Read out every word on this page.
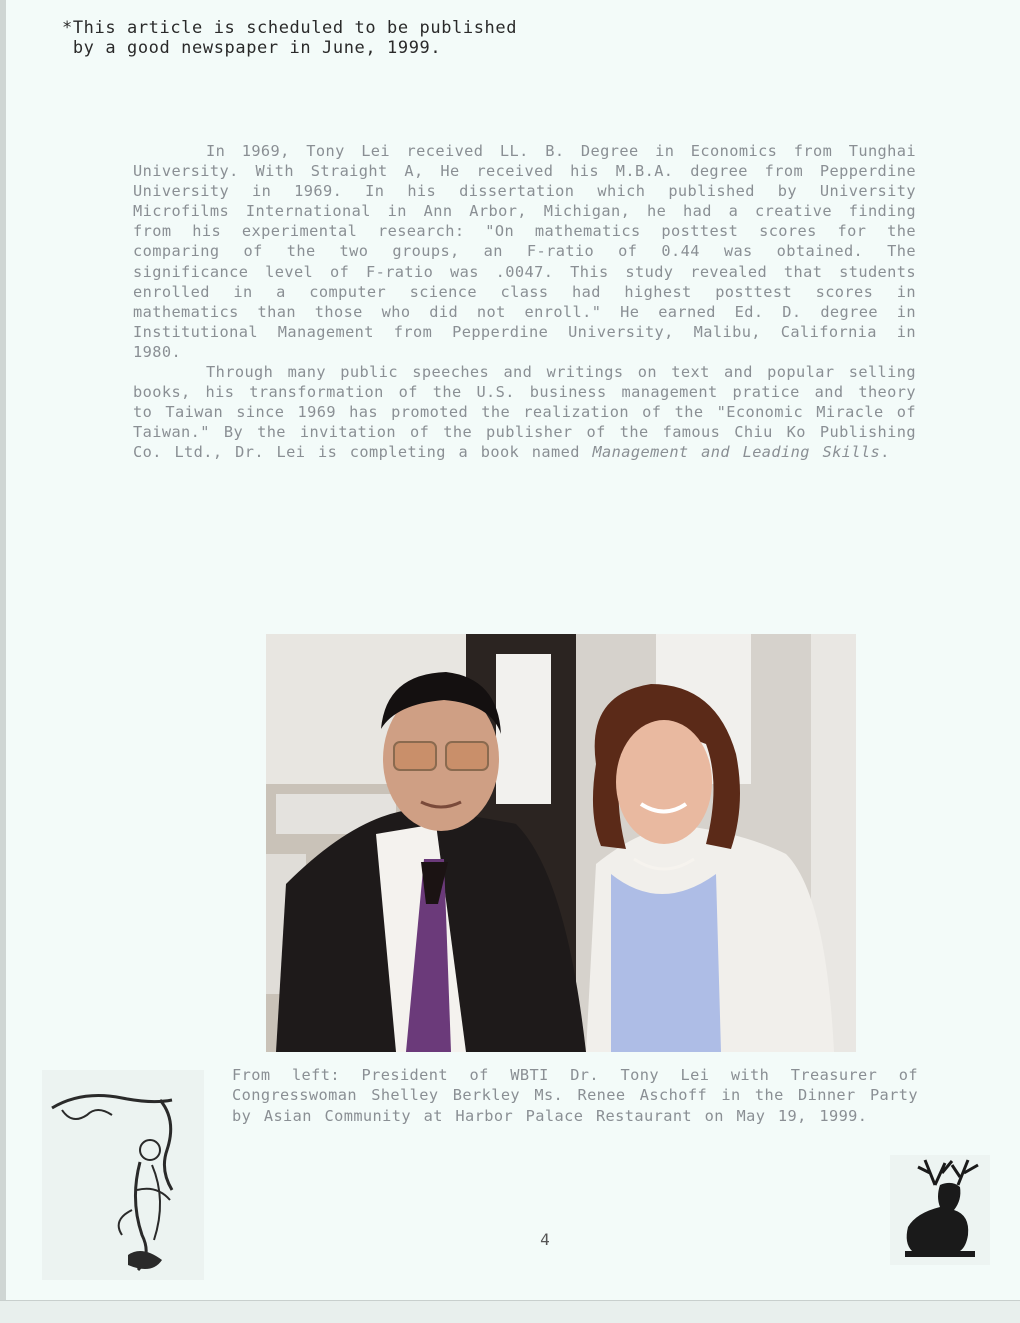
*This article is scheduled to be published
by a good newspaper in June, 1999.

In 1969, Tony Lei received LL. B. Degree in Economics from Tunghai University. With Straight A, He received his M.B.A. degree from Pepperdine University in 1969. In his dissertation which published by University Microfilms International in Ann Arbor, Michigan, he had a creative finding from his experimental research: "On mathematics posttest scores for the comparing of the two groups, an F-ratio of 0.44 was obtained. The significance level of F-ratio was .0047. This study revealed that students enrolled in a computer science class had highest posttest scores in mathematics than those who did not enroll." He earned Ed. D. degree in Institutional Management from Pepperdine University, Malibu, California in 1980.

Through many public speeches and writings on text and popular selling books, his transformation of the U.S. business management pratice and theory to Taiwan since 1969 has promoted the realization of the "Economic Miracle of Taiwan." By the invitation of the publisher of the famous Chiu Ko Publishing Co. Ltd., Dr. Lei is completing a book named Management and Leading Skills.

From left: President of WBTI Dr. Tony Lei with Treasurer of Congresswoman Shelley Berkley Ms. Renee Aschoff in the Dinner Party by Asian Community at Harbor Palace Restaurant on May 19, 1999.
4
